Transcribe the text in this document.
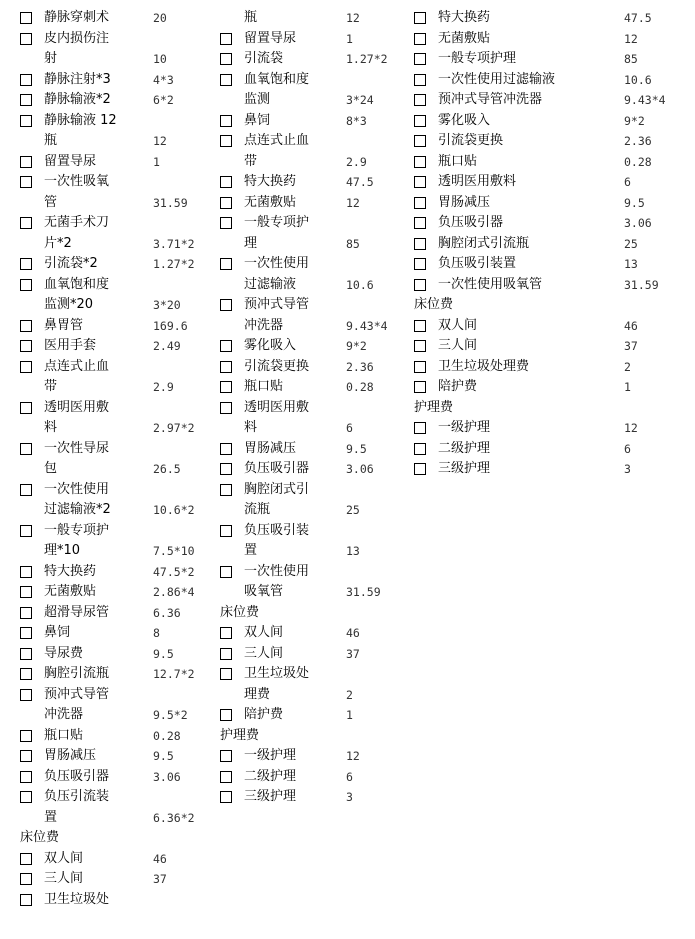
静脉穿刺术	20
皮内损伤注
射	10
静脉注射*3	4*3
静脉输液*2	6*2
静脉输液 12
瓶	12
留置导尿	1
一次性吸氧
管	31.59
无菌手术刀
片*2	3.71*2
引流袋*2	1.27*2
血氧饱和度
监测*20	3*20
鼻胃管	169.6
医用手套	2.49
点连式止血
带	2.9
透明医用敷
料	2.97*2
一次性导尿
包	26.5
一次性使用
过滤输液*2	10.6*2
一般专项护
理*10	7.5*10
特大换药	47.5*2
无菌敷贴	2.86*4
超滑导尿管	6.36
鼻饲	8
导尿费	9.5
胸腔引流瓶	12.7*2
预冲式导管
冲洗器	9.5*2
瓶口贴	0.28
胃肠减压	9.5
负压吸引器	3.06
负压引流装
置	6.36*2
床位费
双人间	46
三人间	37
卫生垃圾处
瓶	12
留置导尿	1
引流袋	1.27*2
血氧饱和度
监测	3*24
鼻饲	8*3
点连式止血
带	2.9
特大换药	47.5
无菌敷贴	12
一般专项护
理	85
一次性使用
过滤输液	10.6
预冲式导管
冲洗器	9.43*4
雾化吸入	9*2
引流袋更换	2.36
瓶口贴	0.28
透明医用敷
料	6
胃肠减压	9.5
负压吸引器	3.06
胸腔闭式引
流瓶	25
负压吸引装
置	13
一次性使用
吸氧管	31.59
床位费
双人间	46
三人间	37
卫生垃圾处
理费	2
陪护费	1
护理费
一级护理	12
二级护理	6
三级护理	3
特大换药	47.5
无菌敷贴	12
一般专项护理	85
一次性使用过滤输液	10.6
预冲式导管冲洗器	9.43*4
雾化吸入	9*2
引流袋更换	2.36
瓶口贴	0.28
透明医用敷料	6
胃肠减压	9.5
负压吸引器	3.06
胸腔闭式引流瓶	25
负压吸引装置	13
一次性使用吸氧管	31.59
床位费
双人间	46
三人间	37
卫生垃圾处理费	2
陪护费	1
护理费
一级护理	12
二级护理	6
三级护理	3
